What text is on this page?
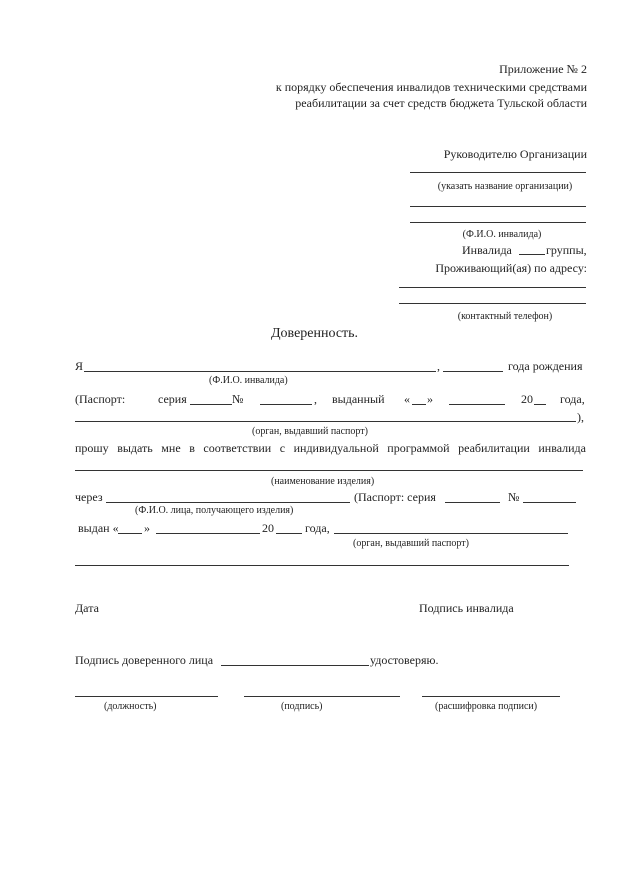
Приложение № 2
к порядку обеспечения инвалидов техническими средствами
реабилитации за счет средств бюджета Тульской области
Руководителю Организации
(указать название организации)
(Ф.И.О. инвалида)
Инвалида	группы,
Проживающий(ая) по адресу:
(контактный телефон)
Доверенность.
Я	,	года рождения
(Ф.И.О. инвалида)
(Паспорт:	серия	№	, выданный « »	20 года,
),
(орган, выдавший паспорт)
прошу выдать мне в соответствии с индивидуальной программой реабилитации инвалида
(наименование изделия)
через	(Паспорт: серия	№
(Ф.И.О. лица, получающего изделия)
выдан « »	20	года,
(орган, выдавший паспорт)
Дата	Подпись инвалида
Подпись доверенного лица	удостоверяю.
(должность)	(подпись)	(расшифровка подписи)
